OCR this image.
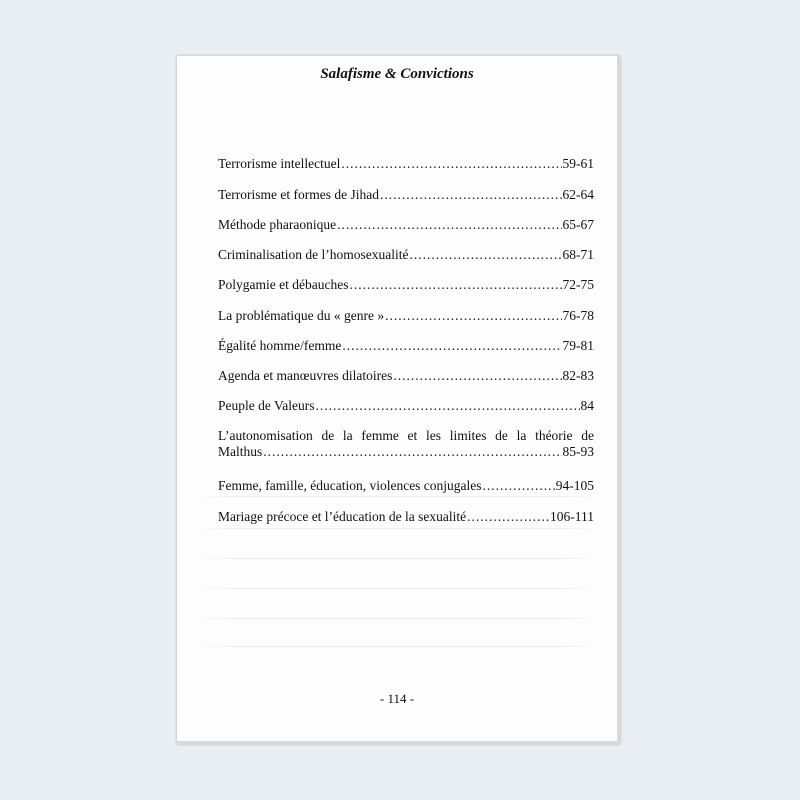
Salafisme & Convictions
Terrorisme intellectuel .....	59-61
Terrorisme et formes de Jihad .....	62-64
Méthode pharaonique .....	65-67
Criminalisation de l’homosexualité .....	68-71
Polygamie et débauches .....	72-75
La problématique du « genre » .....	76-78
Égalité homme/femme .....	79-81
Agenda et manœuvres dilatoires .....	82-83
Peuple de Valeurs .....	84
L’autonomisation de la femme et les limites de la théorie de
Malthus .....	85-93
Femme, famille, éducation, violences conjugales .....	94-105
Mariage précoce et l’éducation de la sexualité .....	106-111
- 114 -
